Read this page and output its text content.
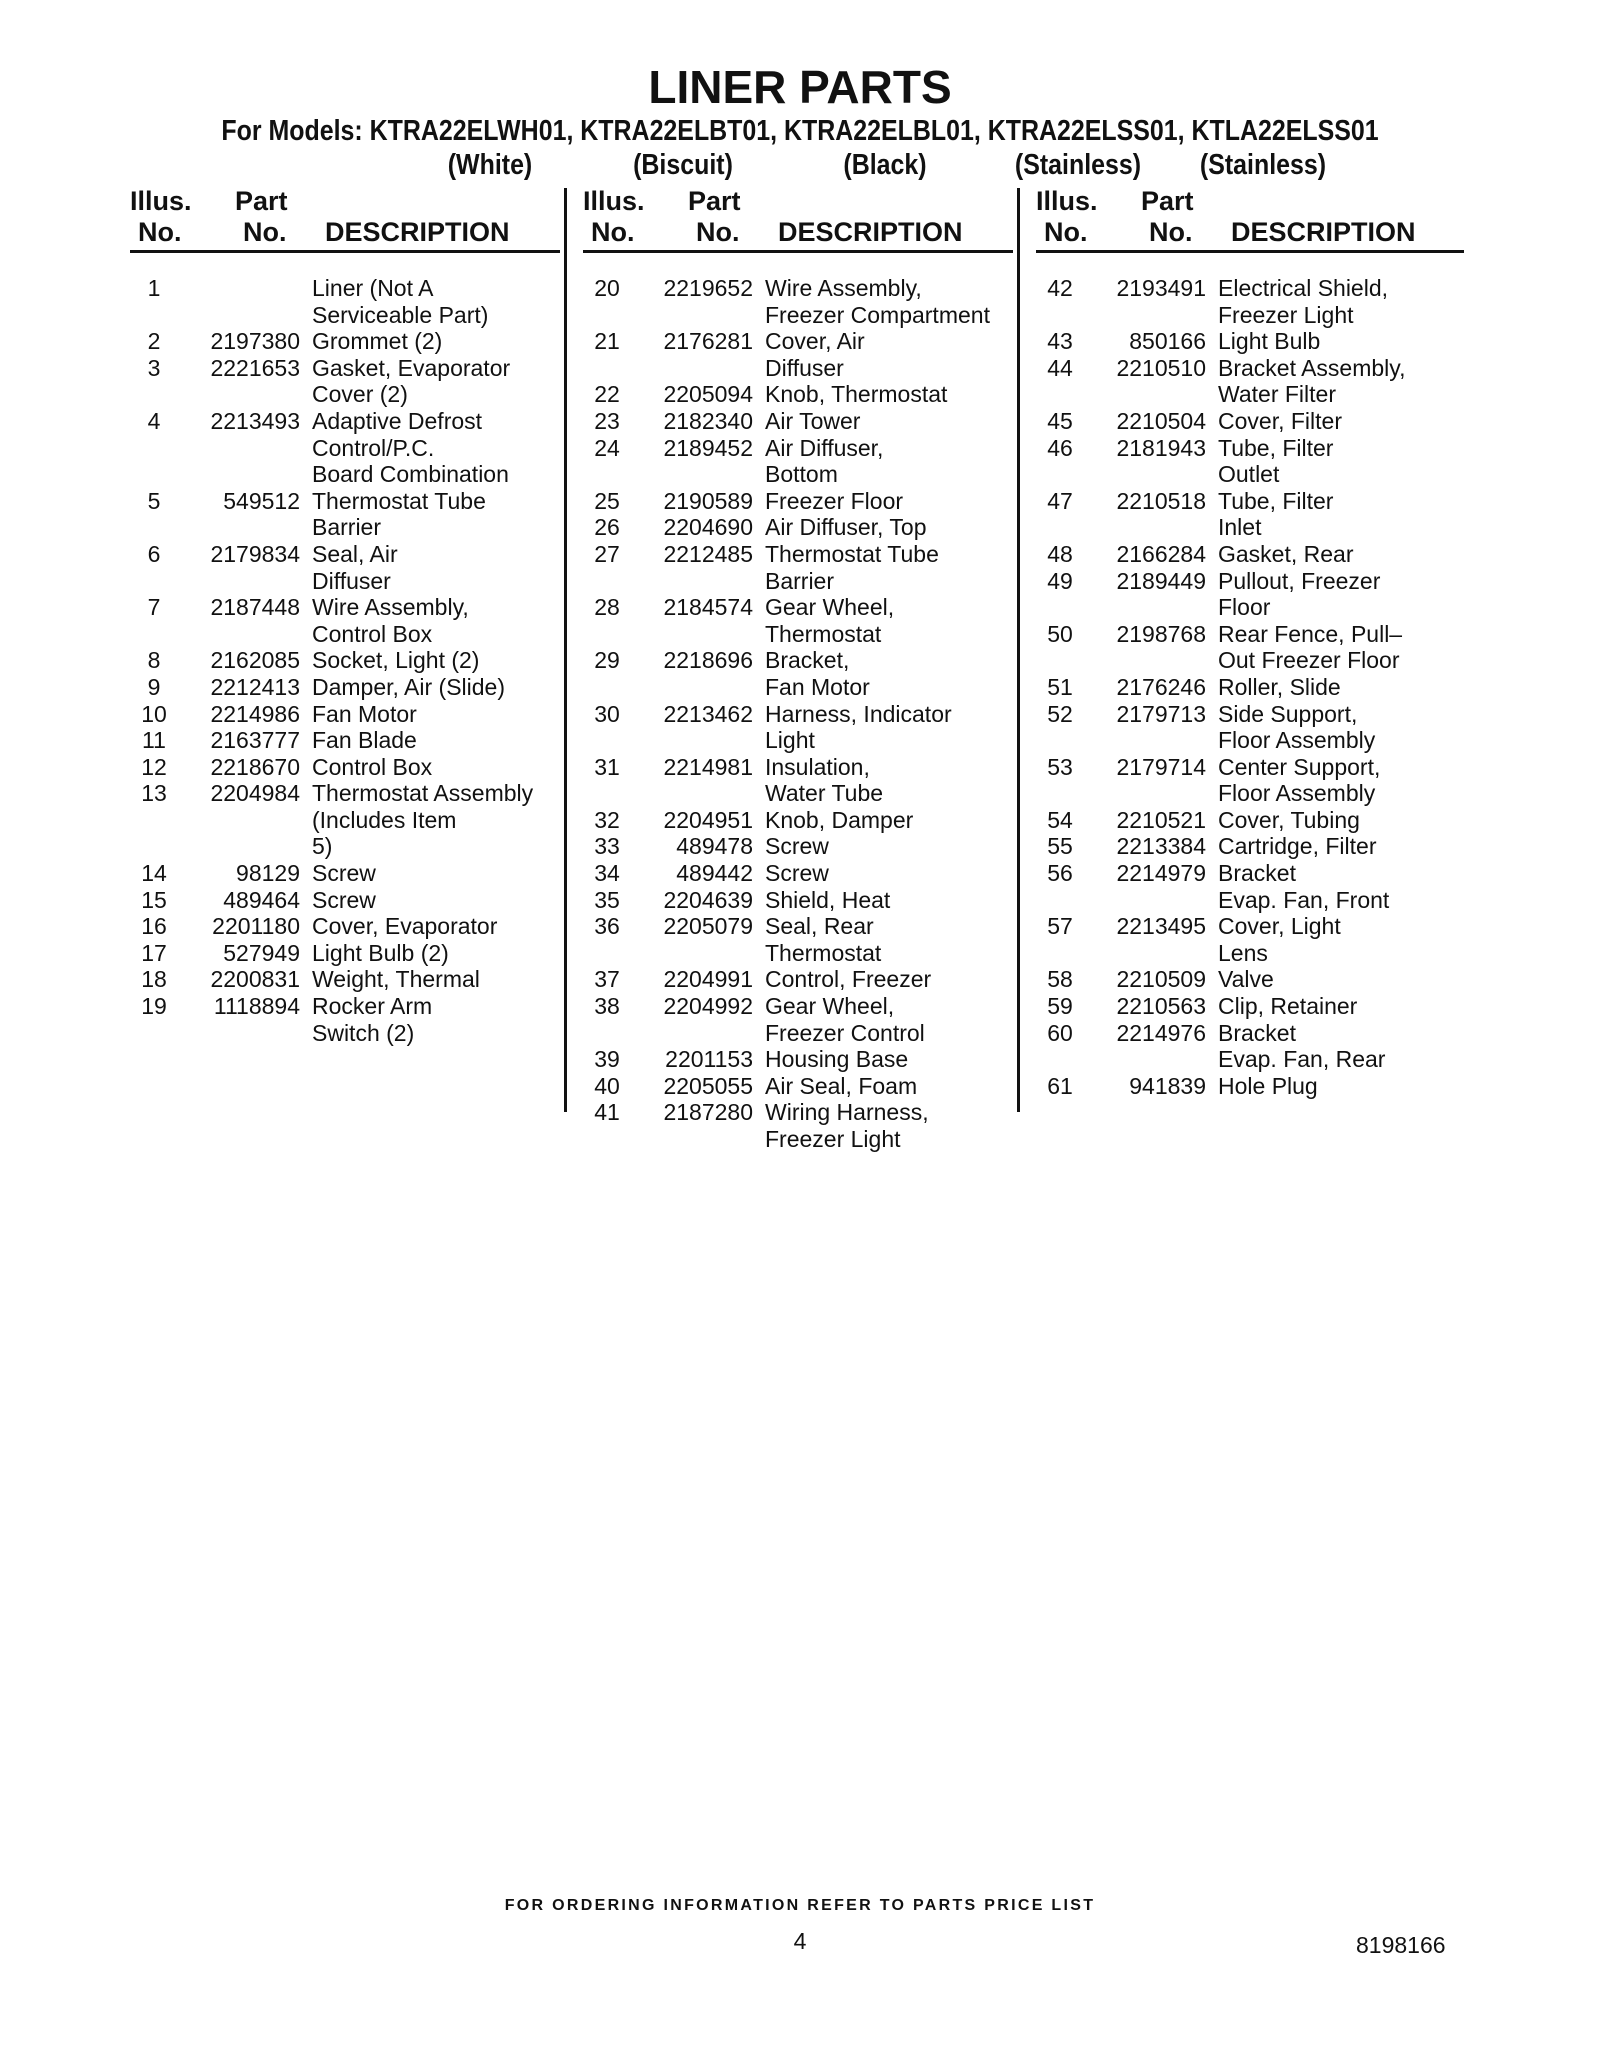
LINER PARTS
For Models: KTRA22ELWH01, KTRA22ELBT01, KTRA22ELBL01, KTRA22ELSS01, KTLA22ELSS01
(White)	(Biscuit)	(Black)	(Stainless) (Stainless)
Illus.
No.
Part
No. DESCRIPTION
1	Liner (Not A
Serviceable Part)
2	2197380 Grommet (2)
3	2221653 Gasket, Evaporator
Cover (2)
4	2213493 Adaptive Defrost
Control/P.C.
Board Combination
5	549512 Thermostat Tube
Barrier
6	2179834 Seal, Air
Diffuser
7	2187448 Wire Assembly,
Control Box
8	2162085 Socket, Light (2)
9	2212413 Damper, Air (Slide)
10	2214986 Fan Motor
11	2163777 Fan Blade
12	2218670 Control Box
13	2204984 Thermostat Assembly
(Includes Item
5)
14	98129 Screw
15	489464 Screw
16	2201180 Cover, Evaporator
17	527949 Light Bulb (2)
18	2200831 Weight, Thermal
19	1118894 Rocker Arm
Switch (2)
Illus.
No.
Part
No. DESCRIPTION
20	2219652 Wire Assembly,
Freezer Compartment
21	2176281 Cover, Air
Diffuser
22	2205094 Knob, Thermostat
23	2182340 Air Tower
24	2189452 Air Diffuser,
Bottom
25	2190589 Freezer Floor
26	2204690 Air Diffuser, Top
27	2212485 Thermostat Tube
Barrier
28	2184574 Gear Wheel,
Thermostat
29	2218696 Bracket,
Fan Motor
30	2213462 Harness, Indicator
Light
31	2214981 Insulation,
Water Tube
32	2204951 Knob, Damper
33	489478 Screw
34	489442 Screw
35	2204639 Shield, Heat
36	2205079 Seal, Rear
Thermostat
37	2204991 Control, Freezer
38	2204992 Gear Wheel,
Freezer Control
39	2201153 Housing Base
40	2205055 Air Seal, Foam
41	2187280 Wiring Harness,
Freezer Light
Illus.
No.
Part
No. DESCRIPTION
42	2193491 Electrical Shield,
Freezer Light
43	850166 Light Bulb
44	2210510 Bracket Assembly,
Water Filter
45	2210504 Cover, Filter
46	2181943 Tube, Filter
Outlet
47	2210518 Tube, Filter
Inlet
48	2166284 Gasket, Rear
49	2189449 Pullout, Freezer
Floor
50	2198768 Rear Fence, Pull–
Out Freezer Floor
51	2176246 Roller, Slide
52	2179713 Side Support,
Floor Assembly
53	2179714 Center Support,
Floor Assembly
54	2210521 Cover, Tubing
55	2213384 Cartridge, Filter
56	2214979 Bracket
Evap. Fan, Front
57	2213495 Cover, Light
Lens
58	2210509 Valve
59	2210563 Clip, Retainer
60	2214976 Bracket
Evap. Fan, Rear
61	941839 Hole Plug
FOR ORDERING INFORMATION REFER TO PARTS PRICE LIST
4	8198166
